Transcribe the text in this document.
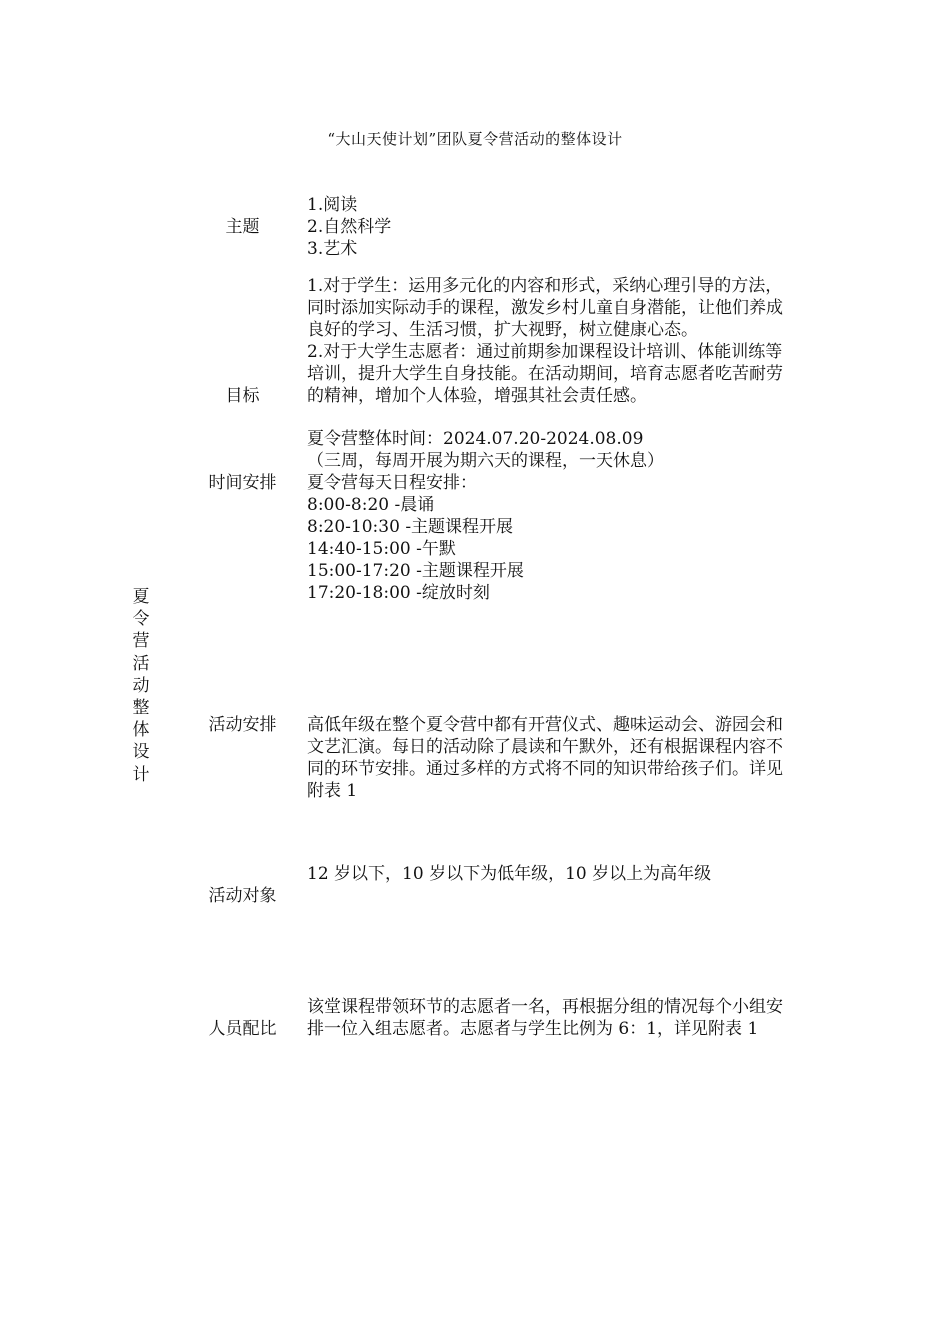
“大山天使计划”团队夏令营活动的整体设计
夏
令
营
活
动
整
体
设
计
主题
1.阅读
2.自然科学
3.艺术
目标
1.对于学生：运用多元化的内容和形式，采纳心理引导的方法，
同时添加实际动手的课程，激发乡村儿童自身潜能，让他们养成
良好的学习、生活习惯，扩大视野，树立健康心态。
2.对于大学生志愿者：通过前期参加课程设计培训、体能训练等
培训，提升大学生自身技能。在活动期间，培育志愿者吃苦耐劳
的精神，增加个人体验，增强其社会责任感。
时间安排
夏令营整体时间：2024.07.20-2024.08.09
（三周，每周开展为期六天的课程，一天休息）
夏令营每天日程安排：
8:00-8:20 -晨诵
8:20-10:30 -主题课程开展
14:40-15:00 -午默
15:00-17:20 -主题课程开展
17:20-18:00 -绽放时刻
活动安排	高低年级在整个夏令营中都有开营仪式、趣味运动会、游园会和
文艺汇演。每日的活动除了晨读和午默外，还有根据课程内容不
同的环节安排。通过多样的方式将不同的知识带给孩子们。详见
附表 1
活动对象
12 岁以下，10 岁以下为低年级，10 岁以上为高年级
人员配比
该堂课程带领环节的志愿者一名，再根据分组的情况每个小组安
排一位入组志愿者。志愿者与学生比例为 6：1，详见附表 1
